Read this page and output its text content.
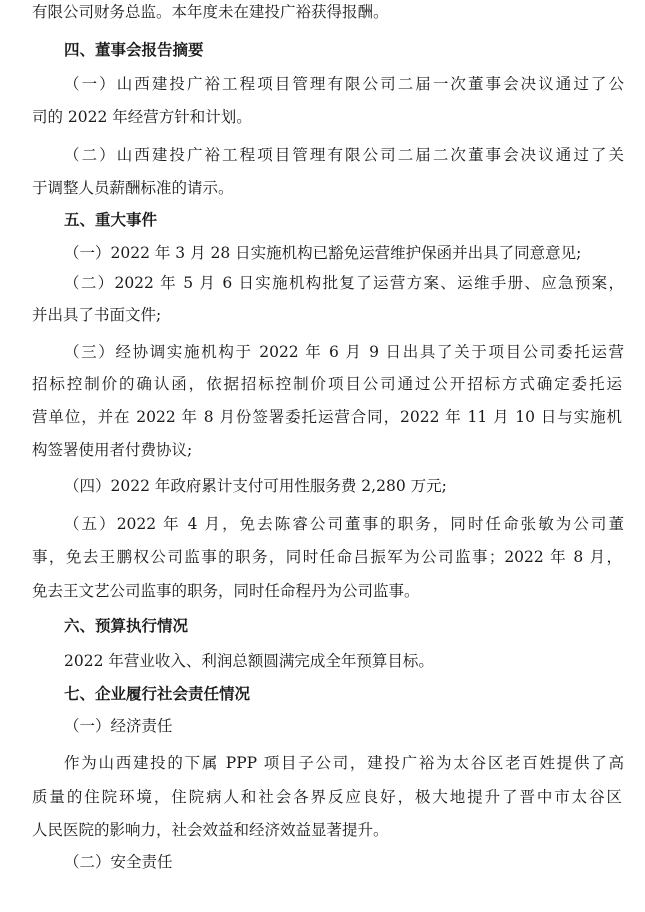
有限公司财务总监。本年度未在建投广裕获得报酬。
四、董事会报告摘要
（一）山西建投广裕工程项目管理有限公司二届一次董事会决议通过了公
司的 2022 年经营方针和计划。
（二）山西建投广裕工程项目管理有限公司二届二次董事会决议通过了关
于调整人员薪酬标准的请示。
五、重大事件
（一）2022 年 3 月 28 日实施机构已豁免运营维护保函并出具了同意意见;
（二）2022 年 5 月 6 日实施机构批复了运营方案、运维手册、应急预案，
并出具了书面文件;
（三）经协调实施机构于 2022 年 6 月 9 日出具了关于项目公司委托运营
招标控制价的确认函，依据招标控制价项目公司通过公开招标方式确定委托运
营单位，并在 2022 年 8 月份签署委托运营合同，2022 年 11 月 10 日与实施机
构签署使用者付费协议;
（四）2022 年政府累计支付可用性服务费 2,280 万元;
（五）2022 年 4 月，免去陈睿公司董事的职务，同时任命张敏为公司董
事，免去王鹏权公司监事的职务，同时任命吕振军为公司监事；2022 年 8 月，
免去王文艺公司监事的职务，同时任命程丹为公司监事。
六、预算执行情况
2022 年营业收入、利润总额圆满完成全年预算目标。
七、企业履行社会责任情况
（一）经济责任
作为山西建投的下属 PPP 项目子公司，建投广裕为太谷区老百姓提供了高
质量的住院环境，住院病人和社会各界反应良好，极大地提升了晋中市太谷区
人民医院的影响力，社会效益和经济效益显著提升。
（二）安全责任
